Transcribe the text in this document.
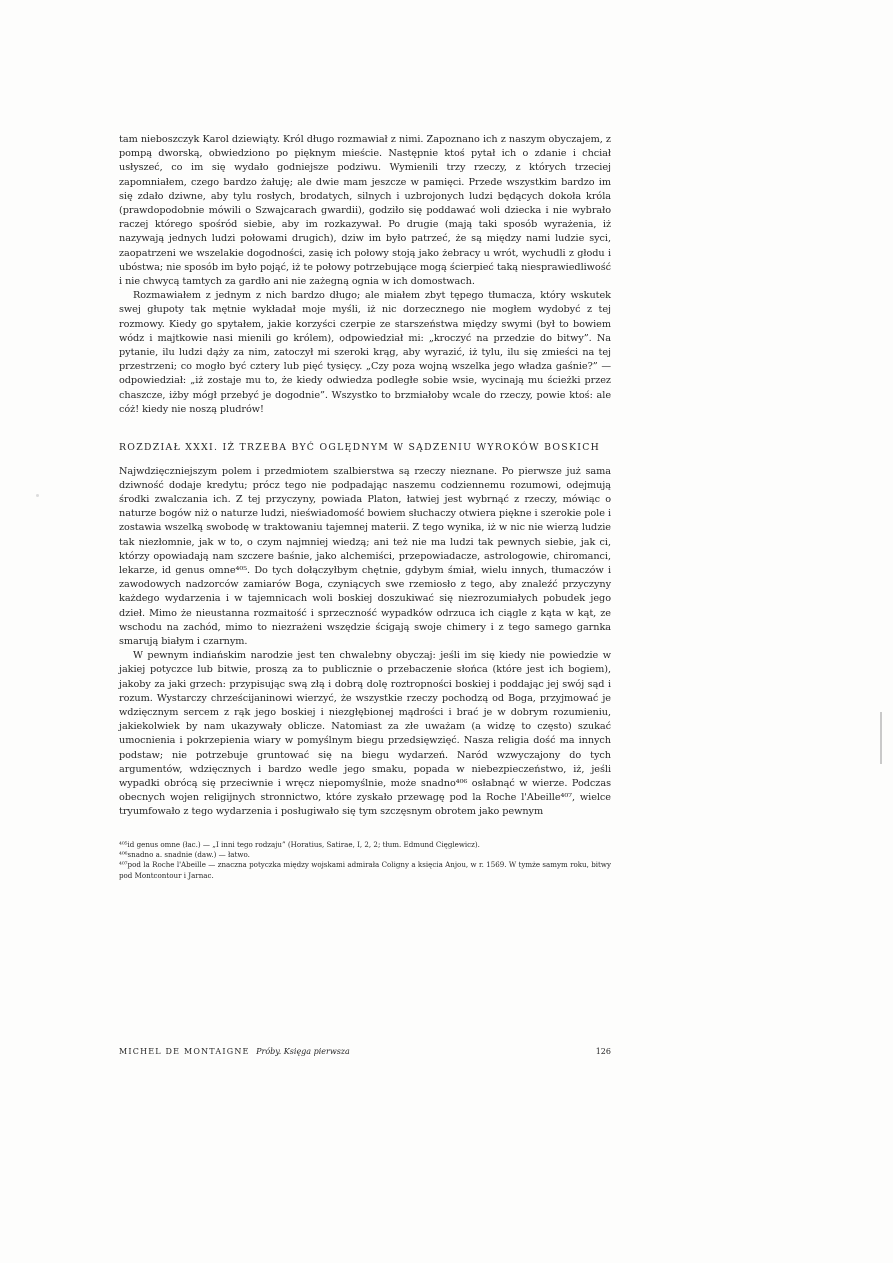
tam nieboszczyk Karol dziewiąty. Król długo rozmawiał z nimi. Zapoznano ich z naszym obyczajem, z pompą dworską, obwiedziono po pięknym mieście. Następnie ktoś pytał ich o zdanie i chciał usłyszeć, co im się wydało godniejsze podziwu. Wymienili trzy rzeczy, z których trzeciej zapomniałem, czego bardzo żałuję; ale dwie mam jeszcze w pamięci. Przede wszystkim bardzo im się zdało dziwne, aby tylu rosłych, brodatych, silnych i uzbrojonych ludzi będących dokoła króla (prawdopodobnie mówili o Szwajcarach gwardii), godziło się poddawać woli dziecka i nie wybrało raczej którego spośród siebie, aby im rozkazywał. Po drugie (mają taki sposób wyrażenia, iż nazywają jednych ludzi połowami drugich), dziw im było patrzeć, że są między nami ludzie syci, zaopatrzeni we wszelakie dogodności, zasię ich połowy stoją jako żebracy u wrót, wychudli z głodu i ubóstwa; nie sposób im było pojąć, iż te połowy potrzebujące mogą ścierpieć taką niesprawiedliwość i nie chwycą tamtych za gardło ani nie zażegną ognia w ich domostwach.

Rozmawiałem z jednym z nich bardzo długo; ale miałem zbyt tępego tłumacza, który wskutek swej głupoty tak mętnie wykładał moje myśli, iż nic dorzecznego nie mogłem wydobyć z tej rozmowy. Kiedy go spytałem, jakie korzyści czerpie ze starszeństwa między swymi (był to bowiem wódz i majtkowie nasi mienili go królem), odpowiedział mi: „kroczyć na przedzie do bitwy”. Na pytanie, ilu ludzi dąży za nim, zatoczył mi szeroki krąg, aby wyrazić, iż tylu, ilu się zmieści na tej przestrzeni; co mogło być cztery lub pięć tysięcy. „Czy poza wojną wszelka jego władza gaśnie?” — odpowiedział: „iż zostaje mu to, że kiedy odwiedza podległe sobie wsie, wycinają mu ścieżki przez chaszcze, iżby mógł przebyć je dogodnie”. Wszystko to brzmiałoby wcale do rzeczy, powie ktoś: ale cóż! kiedy nie noszą pludrów!

ROZDZIAŁ XXXI. IŻ TRZEBA BYĆ OGLĘDNYM W SĄDZENIU WYROKÓW BOSKICH

Najwdzięczniejszym polem i przedmiotem szalbierstwa są rzeczy nieznane. Po pierwsze już sama dziwność dodaje kredytu; prócz tego nie podpadając naszemu codziennemu rozumowi, odejmują środki zwalczania ich. Z tej przyczyny, powiada Platon, łatwiej jest wybrnąć z rzeczy, mówiąc o naturze bogów niż o naturze ludzi, nieświadomość bowiem słuchaczy otwiera piękne i szerokie pole i zostawia wszelką swobodę w traktowaniu tajemnej materii. Z tego wynika, iż w nic nie wierzą ludzie tak niezłomnie, jak w to, o czym najmniej wiedzą; ani też nie ma ludzi tak pewnych siebie, jak ci, którzy opowiadają nam szczere baśnie, jako alchemiści, przepowiadacze, astrologowie, chiromanci, lekarze, id genus omne⁴⁰⁵. Do tych dołączyłbym chętnie, gdybym śmiał, wielu innych, tłumaczów i zawodowych nadzorców zamiarów Boga, czyniących swe rzemiosło z tego, aby znaleźć przyczyny każdego wydarzenia i w tajemnicach woli boskiej doszukiwać się niezrozumiałych pobudek jego dzieł. Mimo że nieustanna rozmaitość i sprzeczność wypadków odrzuca ich ciągle z kąta w kąt, ze wschodu na zachód, mimo to niezrażeni wszędzie ścigają swoje chimery i z tego samego garnka smarują białym i czarnym.

W pewnym indiańskim narodzie jest ten chwalebny obyczaj: jeśli im się kiedy nie powiedzie w jakiej potyczce lub bitwie, proszą za to publicznie o przebaczenie słońca (które jest ich bogiem), jakoby za jaki grzech: przypisując swą złą i dobrą dolę roztropności boskiej i poddając jej swój sąd i rozum. Wystarczy chrześcijaninowi wierzyć, że wszystkie rzeczy pochodzą od Boga, przyjmować je wdzięcznym sercem z rąk jego boskiej i niezgłębionej mądrości i brać je w dobrym rozumieniu, jakiekolwiek by nam ukazywały oblicze. Natomiast za złe uważam (a widzę to często) szukać umocnienia i pokrzepienia wiary w pomyślnym biegu przedsięwzięć. Nasza religia dość ma innych podstaw; nie potrzebuje gruntować się na biegu wydarzeń. Naród wzwyczajony do tych argumentów, wdzięcznych i bardzo wedle jego smaku, popada w niebezpieczeństwo, iż, jeśli wypadki obrócą się przeciwnie i wręcz niepomyślnie, może snadno⁴⁰⁶ osłabnąć w wierze. Podczas obecnych wojen religijnych stronnictwo, które zyskało przewagę pod la Roche l'Abeille⁴⁰⁷, wielce tryumfowało z tego wydarzenia i posługiwało się tym szczęsnym obrotem jako pewnym

⁴⁰⁵id genus omne (łac.) — „I inni tego rodzaju” (Horatius, Satirae, I, 2, 2; tłum. Edmund Cięglewicz).

⁴⁰⁶snadno a. snadnie (daw.) — łatwo.

⁴⁰⁷pod la Roche l'Abeille — znaczna potyczka między wojskami admirała Coligny a księcia Anjou, w r. 1569. W tymże samym roku, bitwy pod Montcontour i Jarnac.

MICHEL DE MONTAIGNE Próby. Księga pierwsza	126
